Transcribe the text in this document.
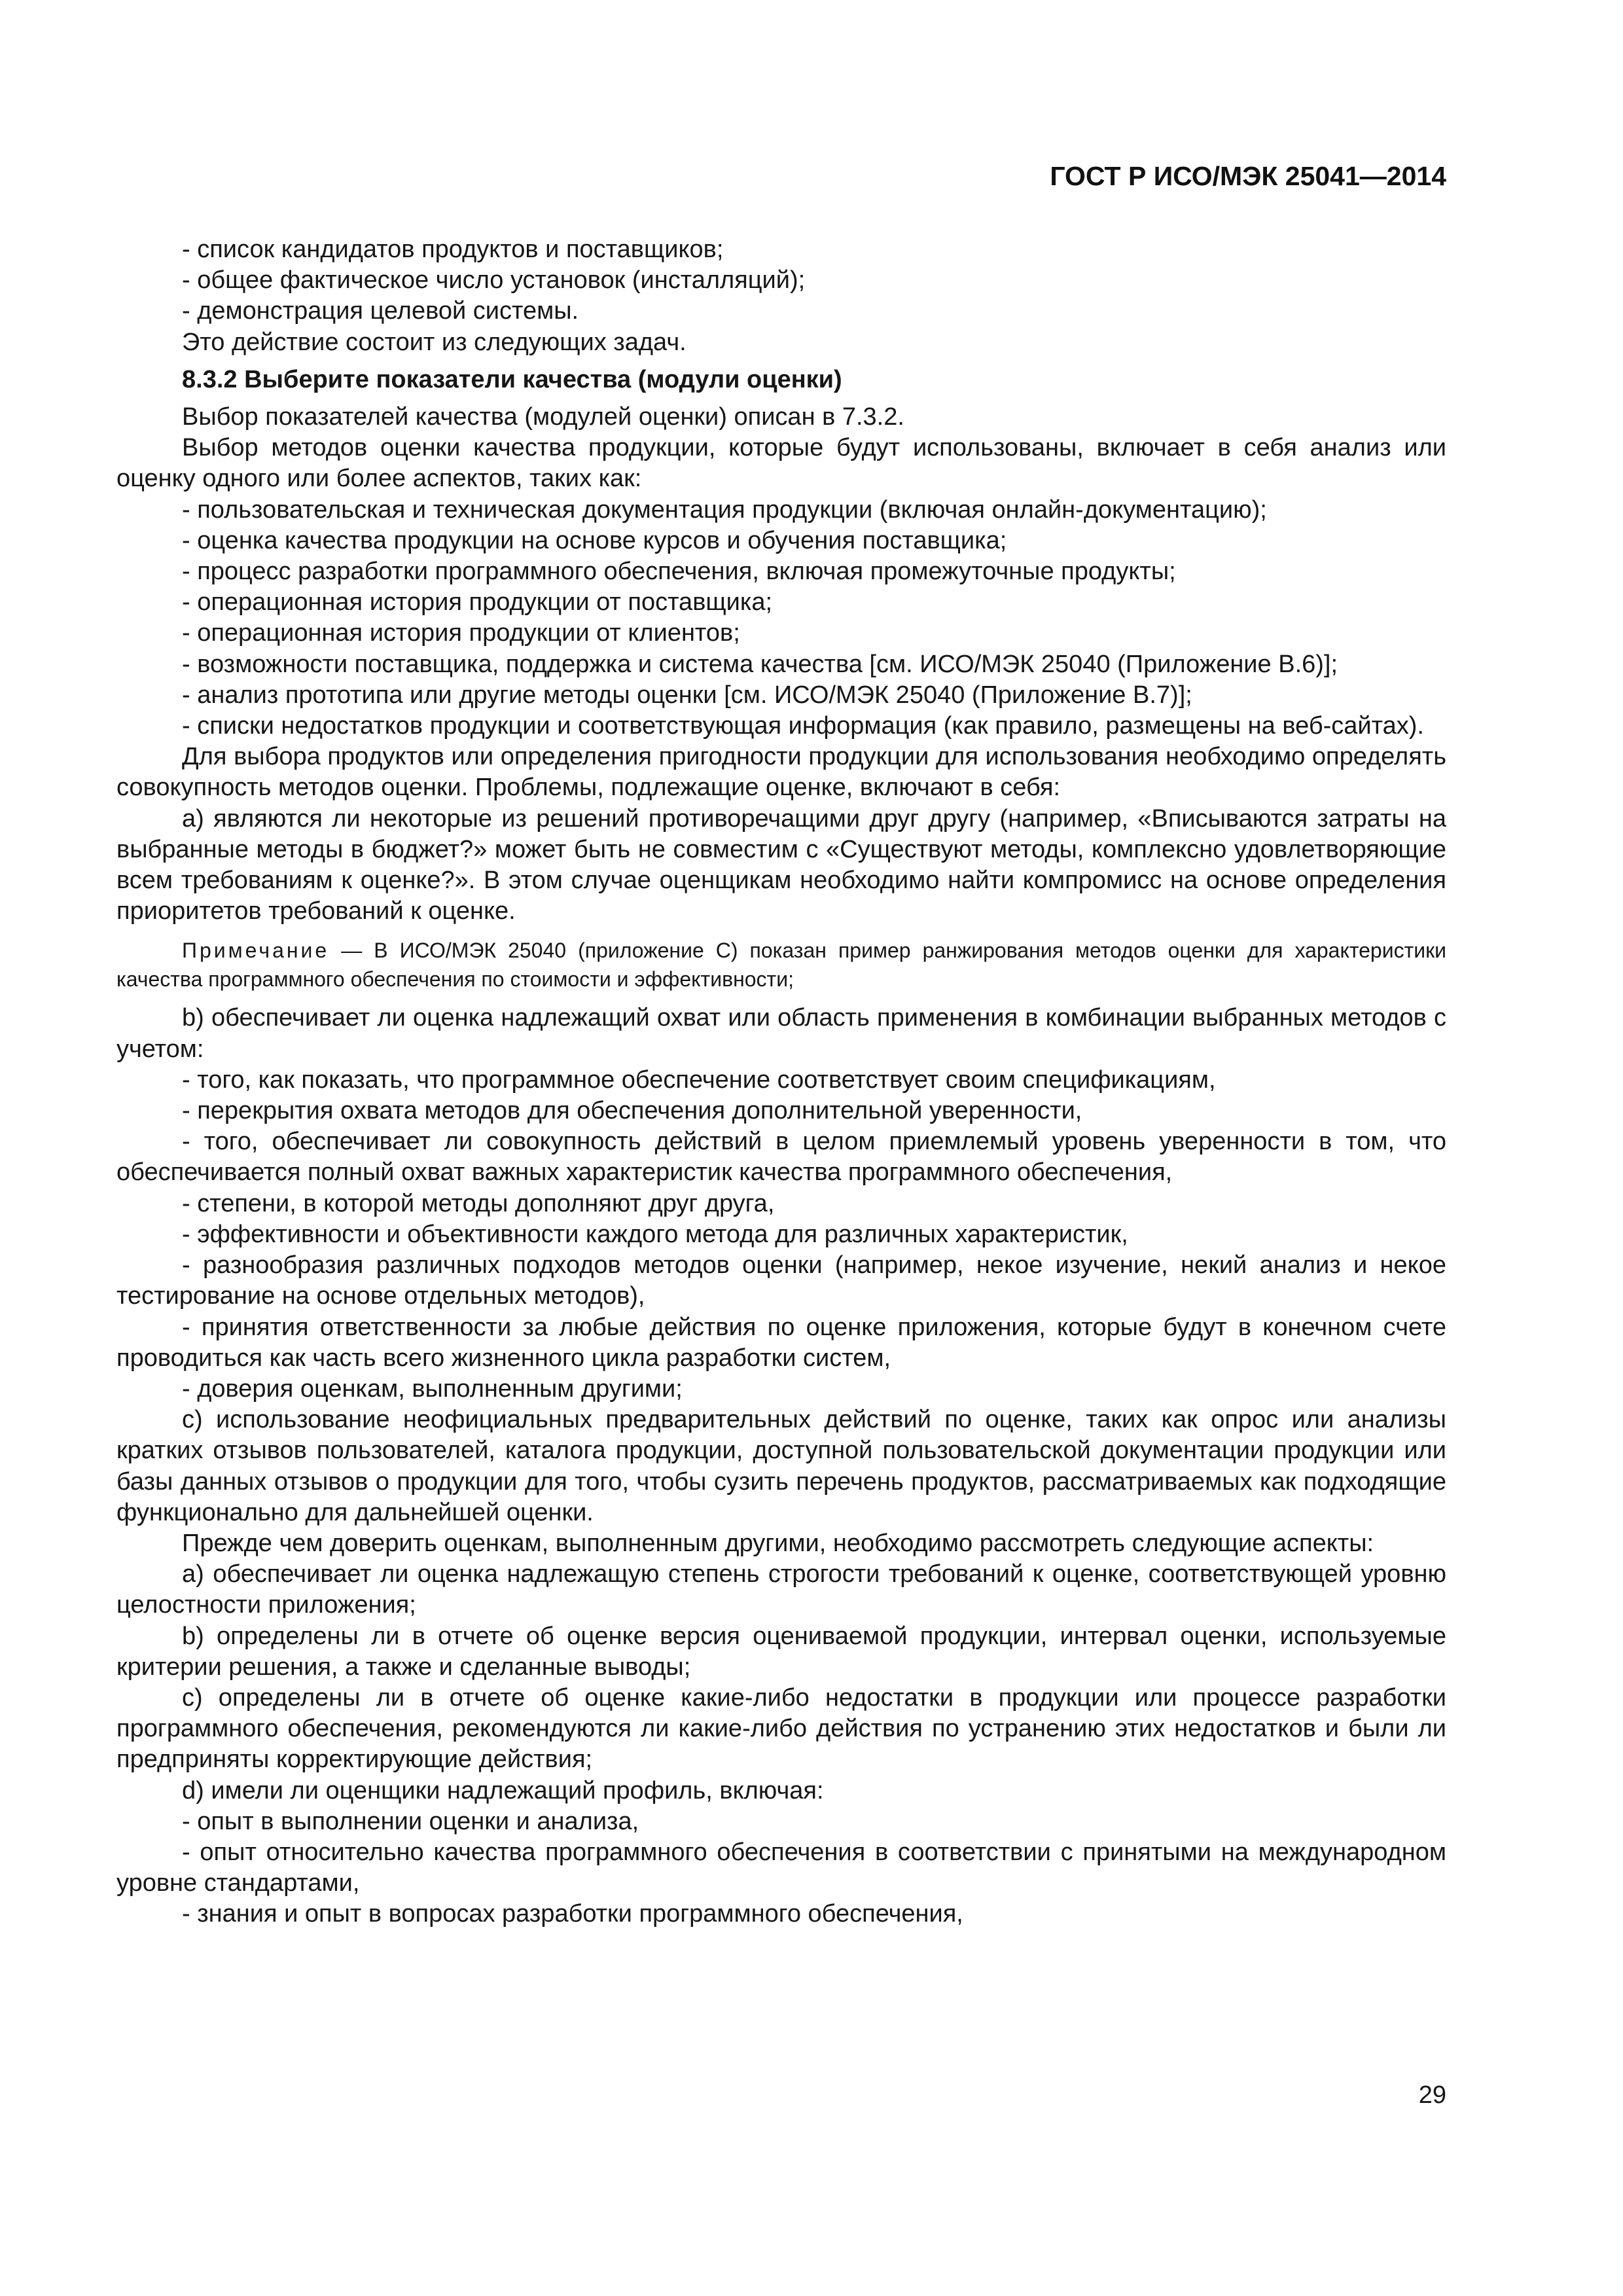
ГОСТ Р ИСО/МЭК 25041—2014

- список кандидатов продуктов и поставщиков;

- общее фактическое число установок (инсталляций);

- демонстрация целевой системы.

Это действие состоит из следующих задач.

8.3.2 Выберите показатели качества (модули оценки)

Выбор показателей качества (модулей оценки) описан в 7.3.2.

Выбор методов оценки качества продукции, которые будут использованы, включает в себя анализ или оценку одного или более аспектов, таких как:

- пользовательская и техническая документация продукции (включая онлайн-документацию);

- оценка качества продукции на основе курсов и обучения поставщика;

- процесс разработки программного обеспечения, включая промежуточные продукты;

- операционная история продукции от поставщика;

- операционная история продукции от клиентов;

- возможности поставщика, поддержка и система качества [см. ИСО/МЭК 25040 (Приложение B.6)];

- анализ прототипа или другие методы оценки [см. ИСО/МЭК 25040 (Приложение B.7)];

- списки недостатков продукции и соответствующая информация (как правило, размещены на веб-сайтах).

Для выбора продуктов или определения пригодности продукции для использования необходимо определять совокупность методов оценки. Проблемы, подлежащие оценке, включают в себя:

a) являются ли некоторые из решений противоречащими друг другу (например, «Вписываются затраты на выбранные методы в бюджет?» может быть не совместим с «Существуют методы, комплексно удовлетворяющие всем требованиям к оценке?». В этом случае оценщикам необходимо найти компромисс на основе определения приоритетов требований к оценке.

Примечание — В ИСО/МЭК 25040 (приложение С) показан пример ранжирования методов оценки для характеристики качества программного обеспечения по стоимости и эффективности;

b) обеспечивает ли оценка надлежащий охват или область применения в комбинации выбранных методов с учетом:

- того, как показать, что программное обеспечение соответствует своим спецификациям,

- перекрытия охвата методов для обеспечения дополнительной уверенности,

- того, обеспечивает ли совокупность действий в целом приемлемый уровень уверенности в том, что обеспечивается полный охват важных характеристик качества программного обеспечения,

- степени, в которой методы дополняют друг друга,

- эффективности и объективности каждого метода для различных характеристик,

- разнообразия различных подходов методов оценки (например, некое изучение, некий анализ и некое тестирование на основе отдельных методов),

- принятия ответственности за любые действия по оценке приложения, которые будут в конечном счете проводиться как часть всего жизненного цикла разработки систем,

- доверия оценкам, выполненным другими;

c) использование неофициальных предварительных действий по оценке, таких как опрос или анализы кратких отзывов пользователей, каталога продукции, доступной пользовательской документации продукции или базы данных отзывов о продукции для того, чтобы сузить перечень продуктов, рассматриваемых как подходящие функционально для дальнейшей оценки.

Прежде чем доверить оценкам, выполненным другими, необходимо рассмотреть следующие аспекты:

a) обеспечивает ли оценка надлежащую степень строгости требований к оценке, соответствующей уровню целостности приложения;

b) определены ли в отчете об оценке версия оцениваемой продукции, интервал оценки, используемые критерии решения, а также и сделанные выводы;

c) определены ли в отчете об оценке какие-либо недостатки в продукции или процессе разработки программного обеспечения, рекомендуются ли какие-либо действия по устранению этих недостатков и были ли предприняты корректирующие действия;

d) имели ли оценщики надлежащий профиль, включая:

- опыт в выполнении оценки и анализа,

- опыт относительно качества программного обеспечения в соответствии с принятыми на международном уровне стандартами,

- знания и опыт в вопросах разработки программного обеспечения,

29
